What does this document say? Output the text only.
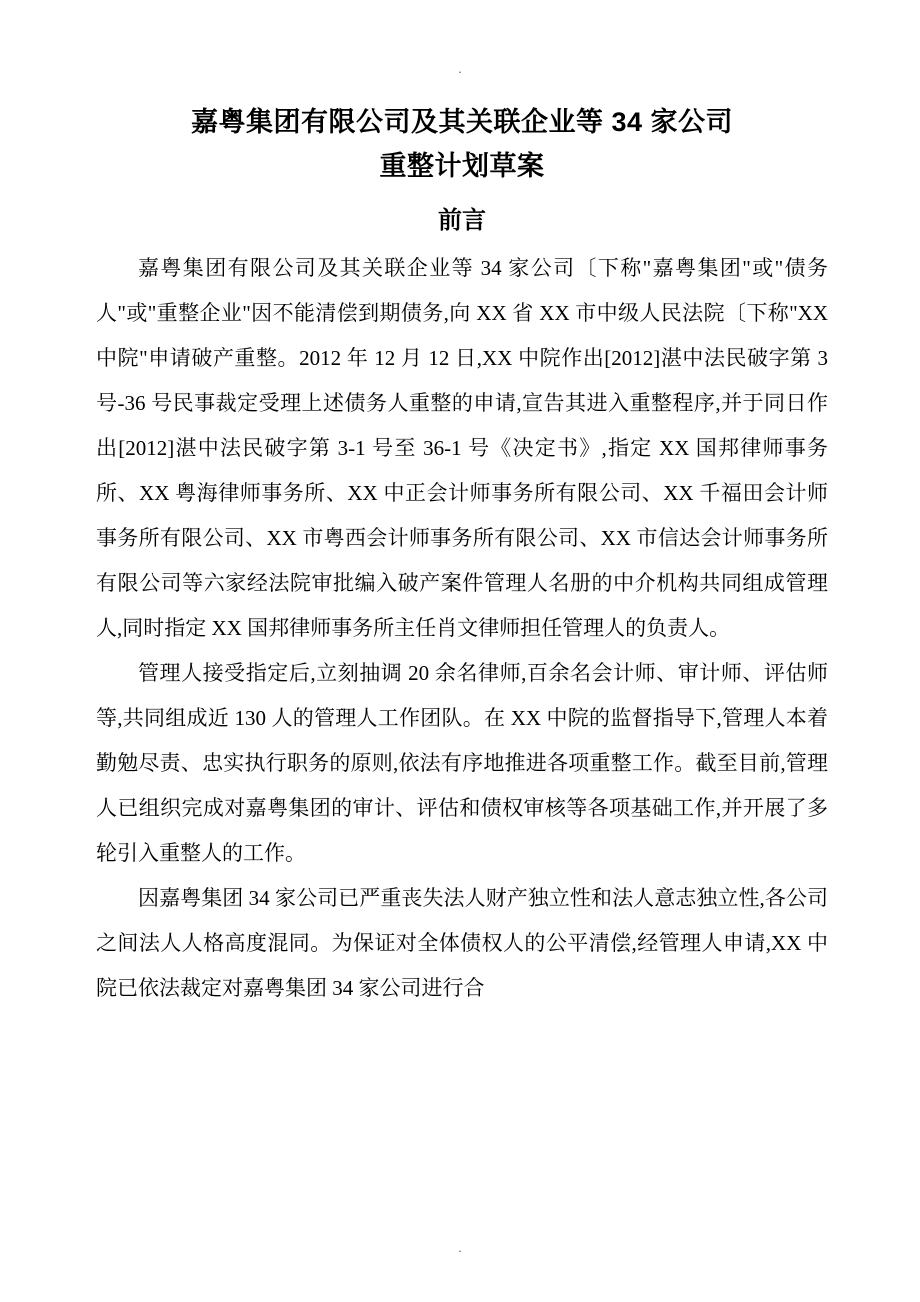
.
嘉粤集团有限公司及其关联企业等 34 家公司
重整计划草案
前言

嘉粤集团有限公司及其关联企业等 34 家公司〔下称"嘉粤集团"或"债务人"或"重整企业"因不能清偿到期债务,向 XX 省 XX 市中级人民法院〔下称"XX 中院"申请破产重整。2012 年 12 月 12 日,XX 中院作出[2012]湛中法民破字第 3 号-36 号民事裁定受理上述债务人重整的申请,宣告其进入重整程序,并于同日作出[2012]湛中法民破字第 3-1 号至 36-1 号《决定书》,指定 XX 国邦律师事务所、XX 粤海律师事务所、XX 中正会计师事务所有限公司、XX 千福田会计师事务所有限公司、XX 市粤西会计师事务所有限公司、XX 市信达会计师事务所有限公司等六家经法院审批编入破产案件管理人名册的中介机构共同组成管理人,同时指定 XX 国邦律师事务所主任肖文律师担任管理人的负责人。

管理人接受指定后,立刻抽调 20 余名律师,百余名会计师、审计师、评估师等,共同组成近 130 人的管理人工作团队。在 XX 中院的监督指导下,管理人本着勤勉尽责、忠实执行职务的原则,依法有序地推进各项重整工作。截至目前,管理人已组织完成对嘉粤集团的审计、评估和债权审核等各项基础工作,并开展了多轮引入重整人的工作。

因嘉粤集团 34 家公司已严重丧失法人财产独立性和法人意志独立性,各公司之间法人人格高度混同。为保证对全体债权人的公平清偿,经管理人申请,XX 中院已依法裁定对嘉粤集团 34 家公司进行合

.
